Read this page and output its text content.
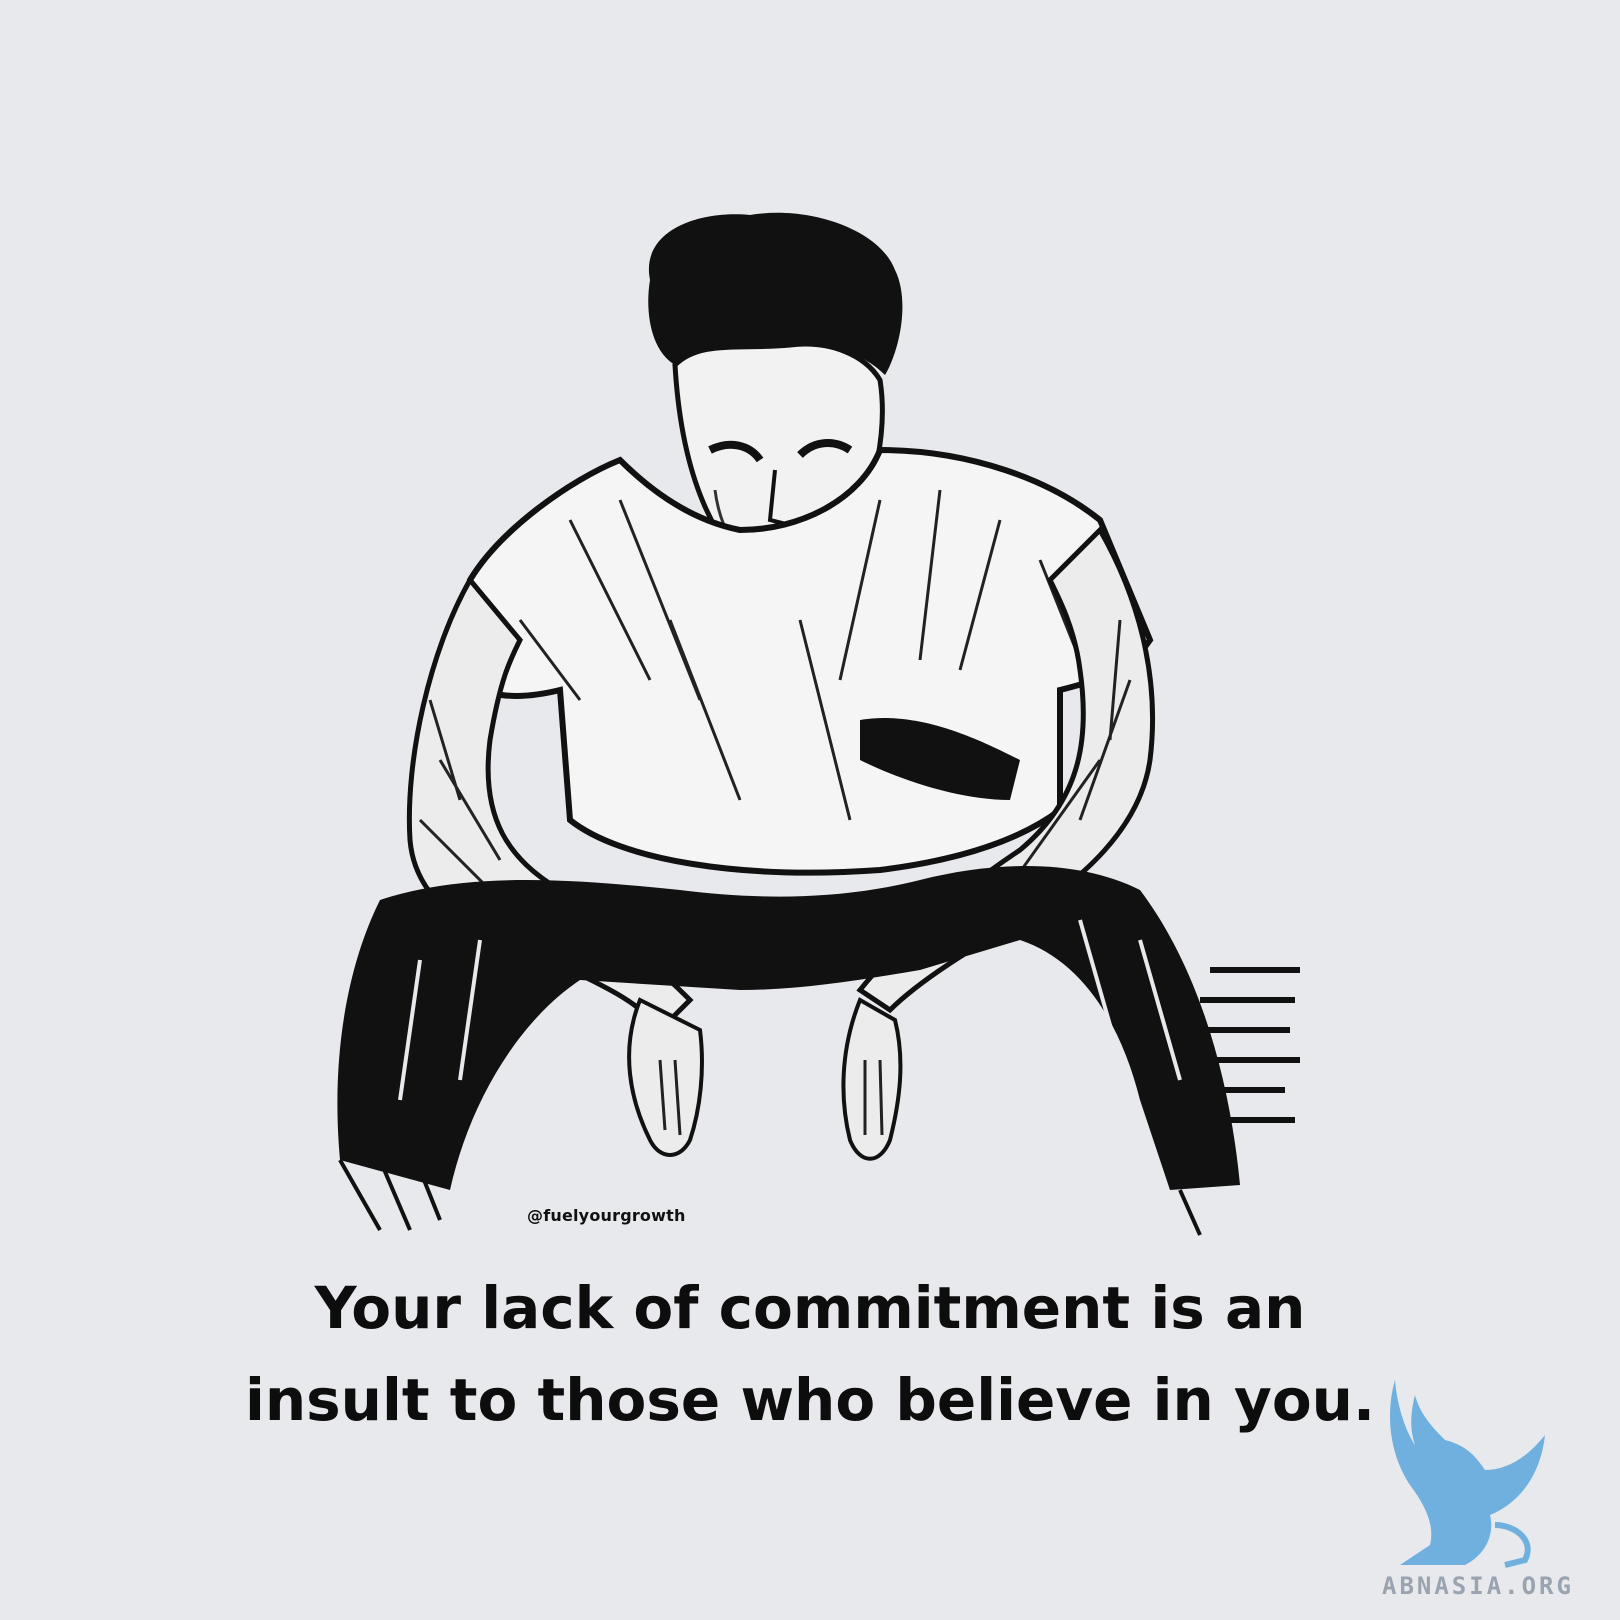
@fuelyourgrowth
Your lack of commitment is an
insult to those who believe in you.
ABNASIA.ORG
